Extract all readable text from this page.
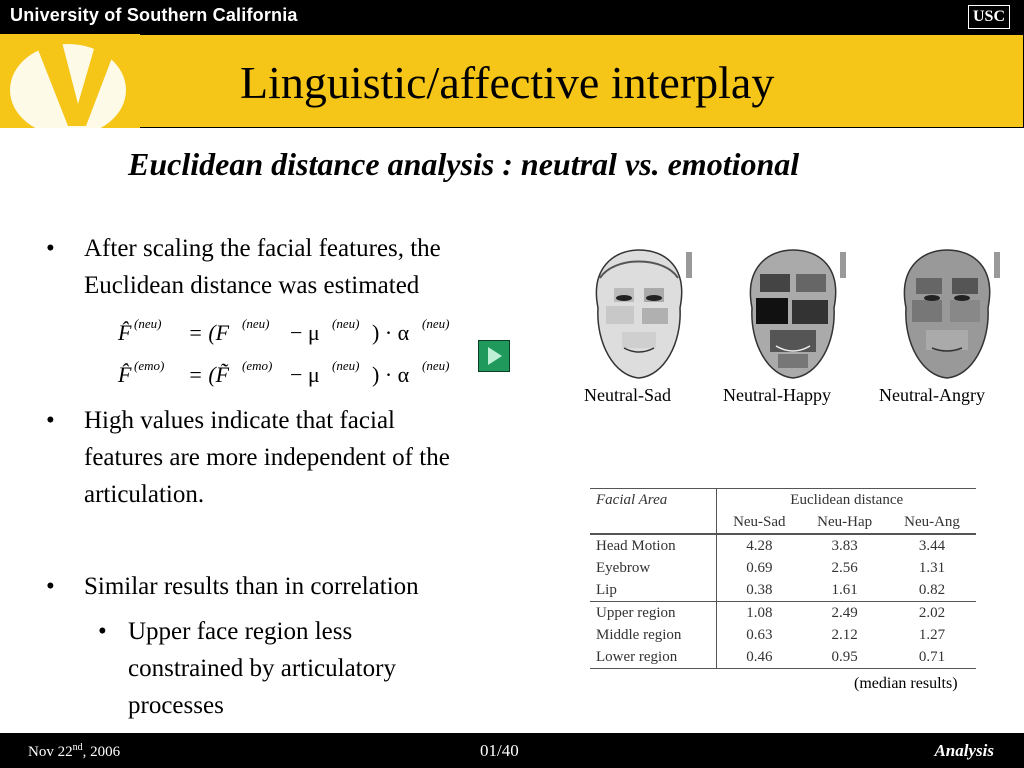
University of Southern California	USC
Linguistic/affective interplay
Euclidean distance analysis : neutral vs. emotional
• After scaling the facial features, the
Euclidean distance was estimated
F̂ (neu) = (F (neu) − μ (neu) ) · α (neu)
F̂ (emo) = (F̃ (emo) − μ (neu) ) · α (neu)
• High values indicate that facial
features are more independent of the
articulation.
• Similar results than in correlation
• Upper face region less
constrained by articulatory
processes
Neutral-Sad	Neutral-Happy	Neutral-Angry
Facial Area	Euclidean distance		
	Neu-Sad	Neu-Hap	Neu-Ang
Head Motion	4.28	3.83	3.44
Eyebrow	0.69	2.56	1.31
Lip	0.38	1.61	0.82
Upper region	1.08	2.49	2.02
Middle region	0.63	2.12	1.27
Lower region	0.46	0.95	0.71
(median results)
Nov 22nd, 2006	01/40	Analysis
